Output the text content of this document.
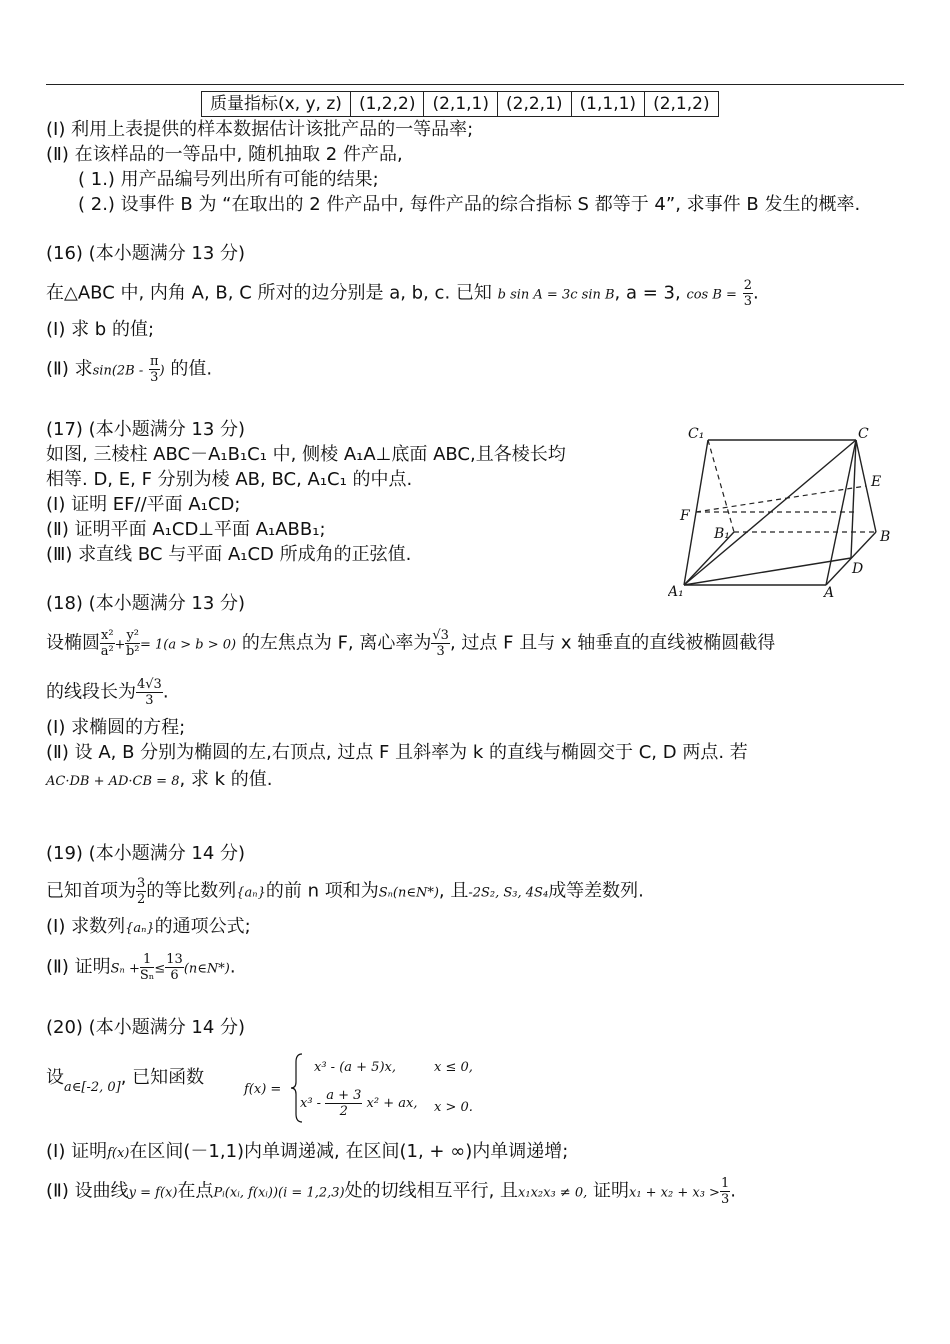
质量指标(x, y, z)	(1,2,2)	(2,1,1)	(2,2,1)	(1,1,1)	(2,1,2)
(Ⅰ) 利用上表提供的样本数据估计该批产品的一等品率;
(Ⅱ) 在该样品的一等品中, 随机抽取 2 件产品,
( 1.) 用产品编号列出所有可能的结果;
( 2.) 设事件 B 为 “在取出的 2 件产品中, 每件产品的综合指标 S 都等于 4”, 求事件 B 发生的概率.
(16) (本小题满分 13 分)
在△ABC 中, 内角 A, B, C 所对的边分别是 a, b, c. 已知 b sin A = 3c sin B, a = 3, $\cos B = \frac{2}{3}$ .
(Ⅰ) 求 b 的值;
(Ⅱ) 求$\sin(2B - \frac{\pi}{3}$ ) 的值.
(17) (本小题满分 13 分)
如图, 三棱柱 ABC－A₁B₁C₁ 中, 侧棱 A₁A⊥底面 ABC,且各棱长均
相等. D, E, F 分别为棱 AB, BC, A₁C₁ 的中点.
(Ⅰ) 证明 EF//平面 A₁CD;
(Ⅱ) 证明平面 A₁CD⊥平面 A₁ABB₁;
(Ⅲ) 求直线 BC 与平面 A₁CD 所成角的正弦值.
C₁	C
E
F
B₁	B
D
A₁	A
(18) (本小题满分 13 分)
设椭圆 $\frac{\text{x²}}{\text{a²}} + \frac{\text{y²}}{\text{b²}} = 1(a > b > 0)$ 的左焦点为 F, 离心率为 $\frac{√3}{3}$ , 过点 F 且与 x 轴垂直的直线被椭圆截得
的线段长为 $\frac{4√3}{3}$ .
(Ⅰ) 求椭圆的方程;
(Ⅱ) 设 A, B 分别为椭圆的左,右顶点, 过点 F 且斜率为 k 的直线与椭圆交于 C, D 两点. 若
AC·DB + AD·CB = 8, 求 k 的值.
(19) (本小题满分 14 分)
已知首项为 $\frac{3}{2}$ 的等比数列{aₙ}的前 n 项和为Sₙ(n∈N*), 且-2S₂, S₃, 4S₄成等差数列.
(Ⅰ) 求数列{aₙ}的通项公式;
(Ⅱ) 证明$S_n + \frac{1}{\text{Sₙ}} \le \frac{13}{6}$ (n∈N*).
(20) (本小题满分 14 分)
设$_{a\in[-2, 0]}$, 已知函数
f(x) =
x³ - (a + 5)x,	x ≤ 0,
$x^3 - \frac{a + 3}{2} x^2$ + ax, x > 0.
(Ⅰ) 证明f(x)在区间(－1,1)内单调递减, 在区间(1, + ∞)内单调递增;
(Ⅱ) 设曲线y = f(x)在点Pᵢ(xᵢ, f(xᵢ))(i = 1,2,3)处的切线相互平行, 且x₁x₂x₃ ≠ 0, 证明$x_1 + x_2 + x_3 > \frac{1}{3}$ .
